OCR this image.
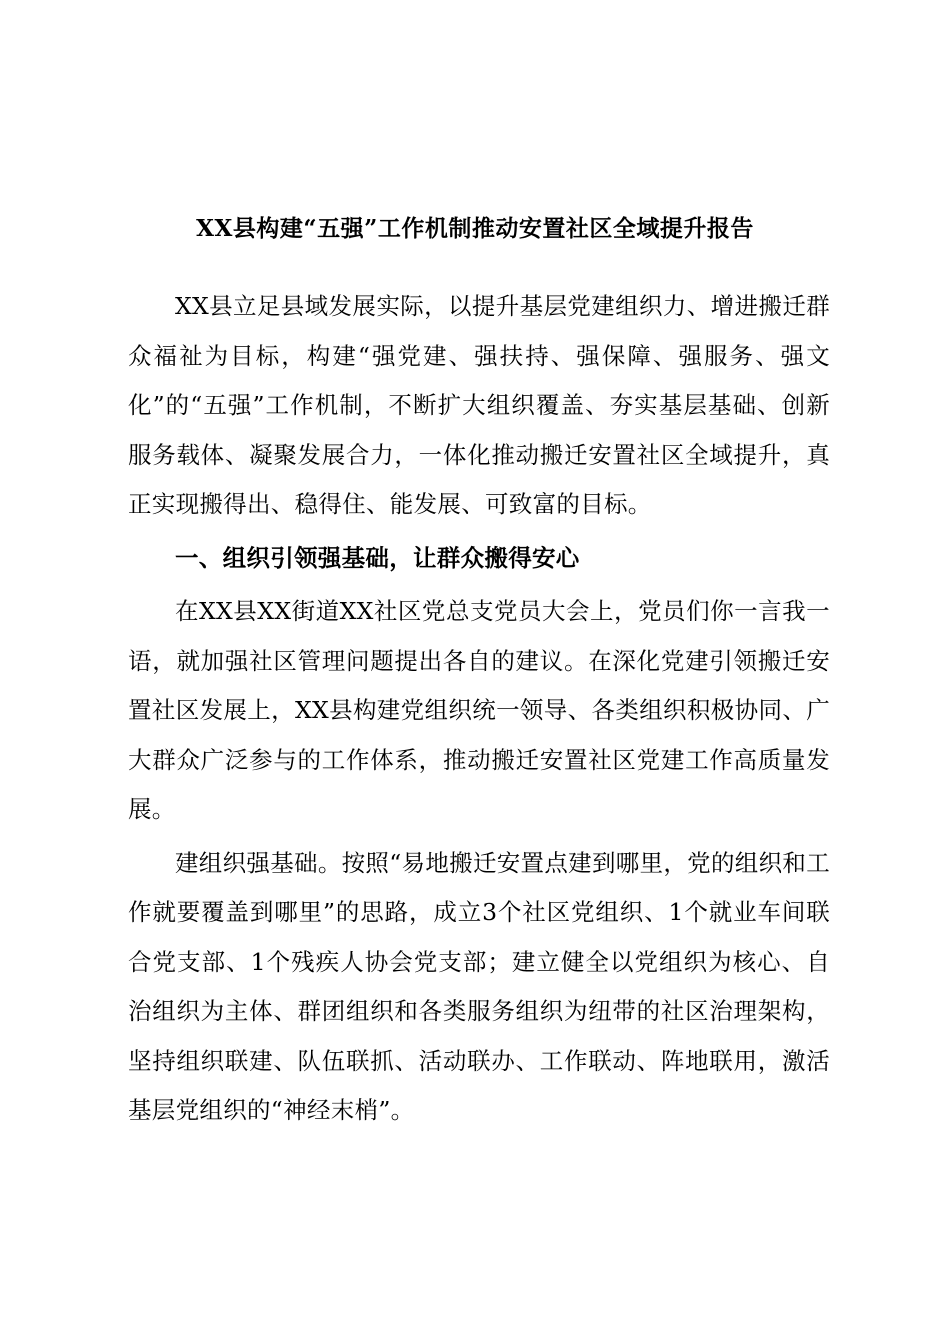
XX县构建“五强”工作机制推动安置社区全域提升报告

XX县立足县域发展实际，以提升基层党建组织力、增进搬迁群众福祉为目标，构建“强党建、强扶持、强保障、强服务、强文化”的“五强”工作机制，不断扩大组织覆盖、夯实基层基础、创新服务载体、凝聚发展合力，一体化推动搬迁安置社区全域提升，真正实现搬得出、稳得住、能发展、可致富的目标。

一、组织引领强基础，让群众搬得安心

在XX县XX街道XX社区党总支党员大会上，党员们你一言我一语，就加强社区管理问题提出各自的建议。在深化党建引领搬迁安置社区发展上，XX县构建党组织统一领导、各类组织积极协同、广大群众广泛参与的工作体系，推动搬迁安置社区党建工作高质量发展。

建组织强基础。按照“易地搬迁安置点建到哪里，党的组织和工作就要覆盖到哪里”的思路，成立3个社区党组织、1个就业车间联合党支部、1个残疾人协会党支部；建立健全以党组织为核心、自治组织为主体、群团组织和各类服务组织为纽带的社区治理架构，坚持组织联建、队伍联抓、活动联办、工作联动、阵地联用，激活基层党组织的“神经末梢”。
